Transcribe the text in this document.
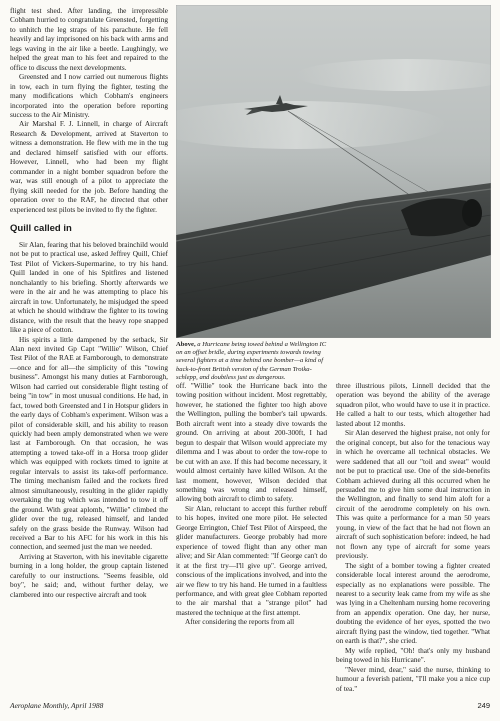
flight test shed. After landing, the irrepressible Cobham hurried to congratulate Greensted, forgetting to unhitch the leg straps of his parachute. He fell heavily and lay imprisoned on his back with arms and legs waving in the air like a beetle. Laughingly, we helped the great man to his feet and repaired to the office to discuss the next developments.

Greensted and I now carried out numerous flights in tow, each in turn flying the fighter, testing the many modifications which Cobham's engineers incorporated into the operation before reporting success to the Air Ministry.

Air Marshal F. J. Linnell, in charge of Aircraft Research & Development, arrived at Staverton to witness a demonstration. He flew with me in the tug and declared himself satisfied with our efforts. However, Linnell, who had been my flight commander in a night bomber squadron before the war, was still enough of a pilot to appreciate the flying skill needed for the job. Before handing the operation over to the RAF, he directed that other experienced test pilots be invited to fly the fighter.

Quill called in

Sir Alan, fearing that his beloved brainchild would not be put to practical use, asked Jeffrey Quill, Chief Test Pilot of Vickers-Supermarine, to try his hand. Quill landed in one of his Spitfires and listened nonchalantly to his briefing. Shortly afterwards we were in the air and he was attempting to place his aircraft in tow. Unfortunately, he misjudged the speed at which he should withdraw the fighter to its towing distance, with the result that the heavy rope snapped like a piece of cotton.

His spirits a little dampened by the setback, Sir Alan next invited Gp Capt "Willie" Wilson, Chief Test Pilot of the RAE at Farnborough, to demonstrate—once and for all—the simplicity of this "towing business". Amongst his many duties at Farnborough, Wilson had carried out considerable flight testing of being "in tow" in most unusual conditions. He had, in fact, towed both Greensted and I in Hotspur gliders in the early days of Cobham's experiment. Wilson was a pilot of considerable skill, and his ability to reason quickly had been amply demonstrated when we were last at Farnborough. On that occasion, he was attempting a towed take-off in a Horsa troop glider which was equipped with rockets timed to ignite at regular intervals to assist its take-off performance. The timing mechanism failed and the rockets fired almost simultaneously, resulting in the glider rapidly overtaking the tug which was intended to tow it off the ground. With great aplomb, "Willie" climbed the glider over the tug, released himself, and landed safely on the grass beside the Runway. Wilson had received a Bar to his AFC for his work in this his connection, and seemed just the man we needed.

Arriving at Staverton, with his inevitable cigarette burning in a long holder, the group captain listened carefully to our instructions. "Seems feasible, old boy", he said; and, without further delay, we clambered into our respective aircraft and took

Above, a Hurricane being towed behind a Wellington IC on an offset bridle, during experiments towards towing several fighters at a time behind one bomber—a kind of back-to-front British version of the German Troika-schlepp, and doubtless just as dangerous.

off. "Willie" took the Hurricane back into the towing position without incident. Most regrettably, however, he stationed the fighter too high above the Wellington, pulling the bomber's tail upwards. Both aircraft went into a steady dive towards the ground. On arriving at about 200-300ft, I had begun to despair that Wilson would appreciate my dilemma and I was about to order the tow-rope to be cut with an axe. If this had become necessary, it would almost certainly have killed Wilson. At the last moment, however, Wilson decided that something was wrong and released himself, allowing both aircraft to climb to safety.

Sir Alan, reluctant to accept this further rebuff to his hopes, invited one more pilot. He selected George Errington, Chief Test Pilot of Airspeed, the glider manufacturers. George probably had more experience of towed flight than any other man alive; and Sir Alan commented: "If George can't do it at the first try—I'll give up". George arrived, conscious of the implications involved, and into the air we flew to try his hand. He turned in a faultless performance, and with great glee Cobham reported to the air marshal that a "strange pilot" had mastered the technique at the first attempt.

After considering the reports from all

three illustrious pilots, Linnell decided that the operation was beyond the ability of the average squadron pilot, who would have to use it in practice. He called a halt to our tests, which altogether had lasted about 12 months.

Sir Alan deserved the highest praise, not only for the original concept, but also for the tenacious way in which he overcame all technical obstacles. We were saddened that all our "toil and sweat" would not be put to practical use. One of the side-benefits Cobham achieved during all this occurred when he persuaded me to give him some dual instruction in the Wellington, and finally to send him aloft for a circuit of the aerodrome completely on his own. This was quite a performance for a man 50 years young, in view of the fact that he had not flown an aircraft of such sophistication before: indeed, he had not flown any type of aircraft for some years previously.

The sight of a bomber towing a fighter created considerable local interest around the aerodrome, especially as no explanations were possible. The nearest to a security leak came from my wife as she was lying in a Cheltenham nursing home recovering from an appendix operation. One day, her nurse, doubting the evidence of her eyes, spotted the two aircraft flying past the window, tied together. "What on earth is that?", she cried.

My wife replied, "Oh! that's only my husband being towed in his Hurricane".

"Never mind, dear," said the nurse, thinking to humour a feverish patient, "I'll make you a nice cup of tea."

Aeroplane Monthly, April 1988	249
